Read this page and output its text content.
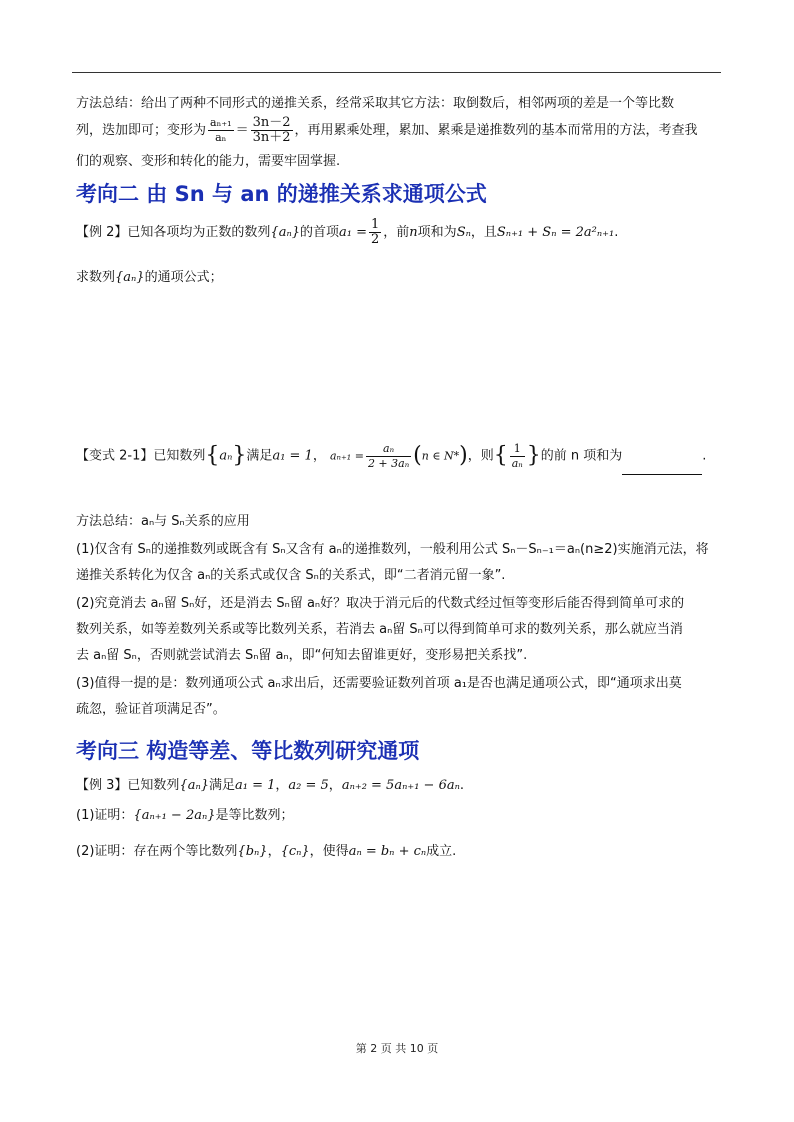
方法总结：给出了两种不同形式的递推关系，经常采取其它方法：取倒数后，相邻两项的差是一个等比数
列，迭加即可；变形为 $\frac{\text{aₙ₊₁}}{\text{aₙ}} = \frac{3n-2}{3n+2}$ ，再用累乘处理，累加、累乘是递推数列的基本而常用的方法，考查我
们的观察、变形和转化的能力，需要牢固掌握.
考向二 由 Sn 与 an 的递推关系求通项公式
【例 2】已知各项均为正数的数列{aₙ}的首项$a_1 = \frac{1}{2}$ ，前n项和为Sₙ，且Sₙ₊₁ + Sₙ = 2a²ₙ₊₁.
求数列{aₙ}的通项公式；
【变式 2-1】已知数列{aₙ}满足a₁ = 1， $a_{n+1} = \frac{\text{aₙ}}{\text{2 + 3aₙ}} (n$ ∈ N*)，则{ $\frac{1}{\text{aₙ}}$ }的前 n 项和为	.
方法总结：aₙ与 Sₙ关系的应用
(1)仅含有 Sₙ的递推数列或既含有 Sₙ又含有 aₙ的递推数列，一般利用公式 Sₙ－Sₙ₋₁＝aₙ(n≥2)实施消元法，将
递推关系转化为仅含 aₙ的关系式或仅含 Sₙ的关系式，即“二者消元留一象”.
(2)究竟消去 aₙ留 Sₙ好，还是消去 Sₙ留 aₙ好？取决于消元后的代数式经过恒等变形后能否得到简单可求的
数列关系，如等差数列关系或等比数列关系，若消去 aₙ留 Sₙ可以得到简单可求的数列关系，那么就应当消
去 aₙ留 Sₙ，否则就尝试消去 Sₙ留 aₙ，即“何知去留谁更好，变形易把关系找”.
(3)值得一提的是：数列通项公式 aₙ求出后，还需要验证数列首项 a₁是否也满足通项公式，即“通项求出莫
疏忽，验证首项满足否”。
考向三 构造等差、等比数列研究通项
【例 3】已知数列{aₙ}满足a₁ = 1，a₂ = 5，aₙ₊₂ = 5aₙ₊₁ − 6aₙ.
(1)证明：{aₙ₊₁ − 2aₙ}是等比数列；
(2)证明：存在两个等比数列{bₙ}，{cₙ}，使得aₙ = bₙ + cₙ成立.
第 2 页 共 10 页
